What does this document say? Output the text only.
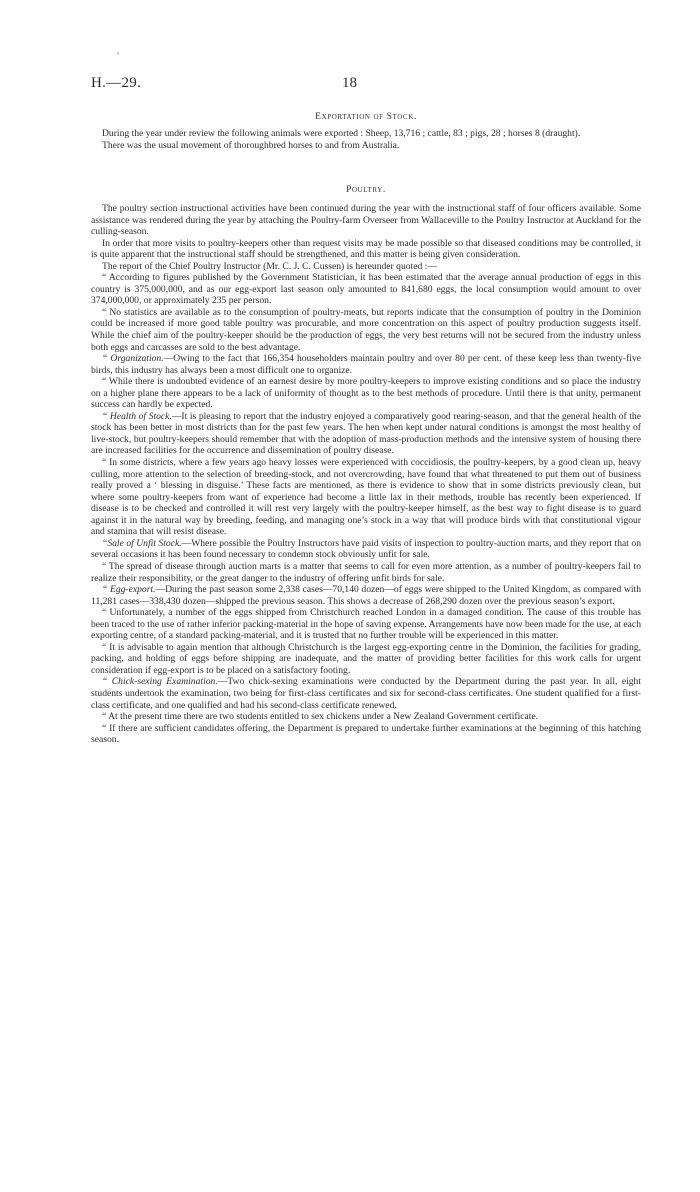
H.—29.	18
Exportation of Stock.

During the year under review the following animals were exported : Sheep, 13,716 ; cattle, 83 ; pigs, 28 ; horses 8 (draught).

There was the usual movement of thoroughbred horses to and from Australia.

Poultry.

The poultry section instructional activities have been continued during the year with the instructional staff of four officers available. Some assistance was rendered during the year by attaching the Poultry-farm Overseer from Wallaceville to the Poultry Instructor at Auckland for the culling-season.

In order that more visits to poultry-keepers other than request visits may be made possible so that diseased conditions may be controlled, it is quite apparent that the instructional staff should be strengthened, and this matter is being given consideration.

The report of the Chief Poultry Instructor (Mr. C. J. C. Cussen) is hereunder quoted :—

“ According to figures published by the Government Statistician, it has been estimated that the average annual production of eggs in this country is 375,000,000, and as our egg-export last season only amounted to 841,680 eggs, the local consumption would amount to over 374,000,000, or approximately 235 per person.

“ No statistics are available as to the consumption of poultry-meats, but reports indicate that the consumption of poultry in the Dominion could be increased if more good table poultry was procurable, and more concentration on this aspect of poultry production suggests itself. While the chief aim of the poultry-keeper should be the production of eggs, the very best returns will not be secured from the industry unless both eggs and carcasses are sold to the best advantage.

“ Organization.—Owing to the fact that 166,354 householders maintain poultry and over 80 per cent. of these keep less than twenty-five birds, this industry has always been a most difficult one to organize.

“ While there is undoubted evidence of an earnest desire by more poultry-keepers to improve existing conditions and so place the industry on a higher plane there appears to be a lack of uniformity of thought as to the best methods of procedure. Until there is that unity, permanent success can hardly be expected.

“ Health of Stock.—It is pleasing to report that the industry enjoyed a comparatively good rearing-season, and that the general health of the stock has been better in most districts than for the past few years. The hen when kept under natural conditions is amongst the most healthy of live-stock, but poultry-keepers should remember that with the adoption of mass-production methods and the intensive system of housing there are increased facilities for the occurrence and dissemination of poultry disease.

“ In some districts, where a few years ago heavy losses were experienced with coccidiosis, the poultry-keepers, by a good clean up, heavy culling, more attention to the selection of breeding-stock, and not overcrowding, have found that what threatened to put them out of business really proved a ‘ blessing in disguise.’ These facts are mentioned, as there is evidence to show that in some districts previously clean, but where some poultry-keepers from want of experience had become a little lax in their methods, trouble has recently been experienced. If disease is to be checked and controlled it will rest very largely with the poultry-keeper himself, as the best way to fight disease is to guard against it in the natural way by breeding, feeding, and managing one’s stock in a way that will produce birds with that constitutional vigour and stamina that will resist disease.

“Sale of Unfit Stock.—Where possible the Poultry Instructors have paid visits of inspection to poultry-auction marts, and they report that on several occasions it has been found necessary to condemn stock obviously unfit for sale.

“ The spread of disease through auction marts is a matter that seems to call for even more attention, as a number of poultry-keepers fail to realize their responsibility, or the great danger to the industry of offering unfit birds for sale.

“ Egg-export.—During the past season some 2,338 cases—70,140 dozen—of eggs were shipped to the United Kingdom, as compared with 11,281 cases—338,430 dozen—shipped the previous season. This shows a decrease of 268,290 dozen over the previous season’s export.

“ Unfortunately, a number of the eggs shipped from Christchurch reached London in a damaged condition. The cause of this trouble has been traced to the use of rather inferior packing-material in the hope of saving expense. Arrangements have now been made for the use, at each exporting centre, of a standard packing-material, and it is trusted that no further trouble will be experienced in this matter.

“ It is advisable to again mention that although Christchurch is the largest egg-exporting centre in the Dominion, the facilities for grading, packing, and holding of eggs before shipping are inadequate, and the matter of providing better facilities for this work calls for urgent consideration if egg-export is to be placed on a satisfactory footing.

“ Chick-sexing Examination.—Two chick-sexing examinations were conducted by the Department during the past year. In all, eight students undertook the examination, two being for first-class certificates and six for second-class certificates. One student qualified for a first-class certificate, and one qualified and had his second-class certificate renewed.

“ At the present time there are two students entitled to sex chickens under a New Zealand Government certificate.

“ If there are sufficient candidates offering, the Department is prepared to undertake further examinations at the beginning of this hatching season.
